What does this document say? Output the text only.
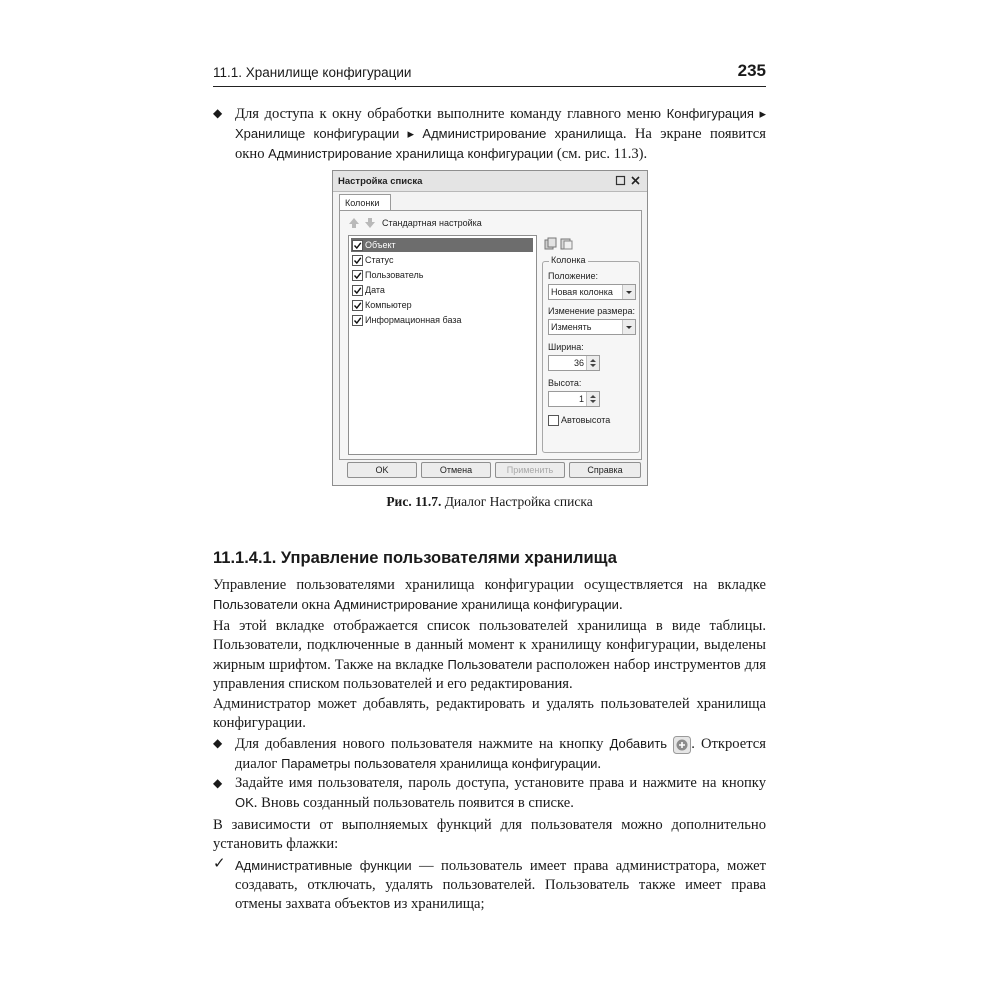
11.1. Хранилище конфигурации	235
◆ Для доступа к окну обработки выполните команду главного меню Конфигурация ▸ Хранилище конфигурации ▸ Администрирование хранилища. На экране появится окно Администрирование хранилища конфигурации (см. рис. 11.3).
Настройка списка
Колонки
Стандартная настройка
Объект
Статус
Пользователь
Дата
Компьютер
Информационная база
Колонка
Положение:
Новая колонка
Изменение размера:
Изменять
Ширина:
36
Высота:
1
Автовысота
OK	Отмена	Применить	Справка
Рис. 11.7. Диалог Настройка списка
11.1.4.1. Управление пользователями хранилища
Управление пользователями хранилища конфигурации осуществляется на вкладке Пользователи окна Администрирование хранилища конфигурации.
На этой вкладке отображается список пользователей хранилища в виде таблицы. Пользователи, подключенные в данный момент к хранилищу конфигурации, выделены жирным шрифтом. Также на вкладке Пользователи расположен набор инструментов для управления списком пользователей и его редактирования.
Администратор может добавлять, редактировать и удалять пользователей хранилища конфигурации.
◆ Для добавления нового пользователя нажмите на кнопку Добавить . Откроется диалог Параметры пользователя хранилища конфигурации.
◆ Задайте имя пользователя, пароль доступа, установите права и нажмите на кнопку OK. Вновь созданный пользователь появится в списке.
В зависимости от выполняемых функций для пользователя можно дополнительно установить флажки:
✓ Административные функции — пользователь имеет права администратора, может создавать, отключать, удалять пользователей. Пользователь также имеет права отмены захвата объектов из хранилища;
